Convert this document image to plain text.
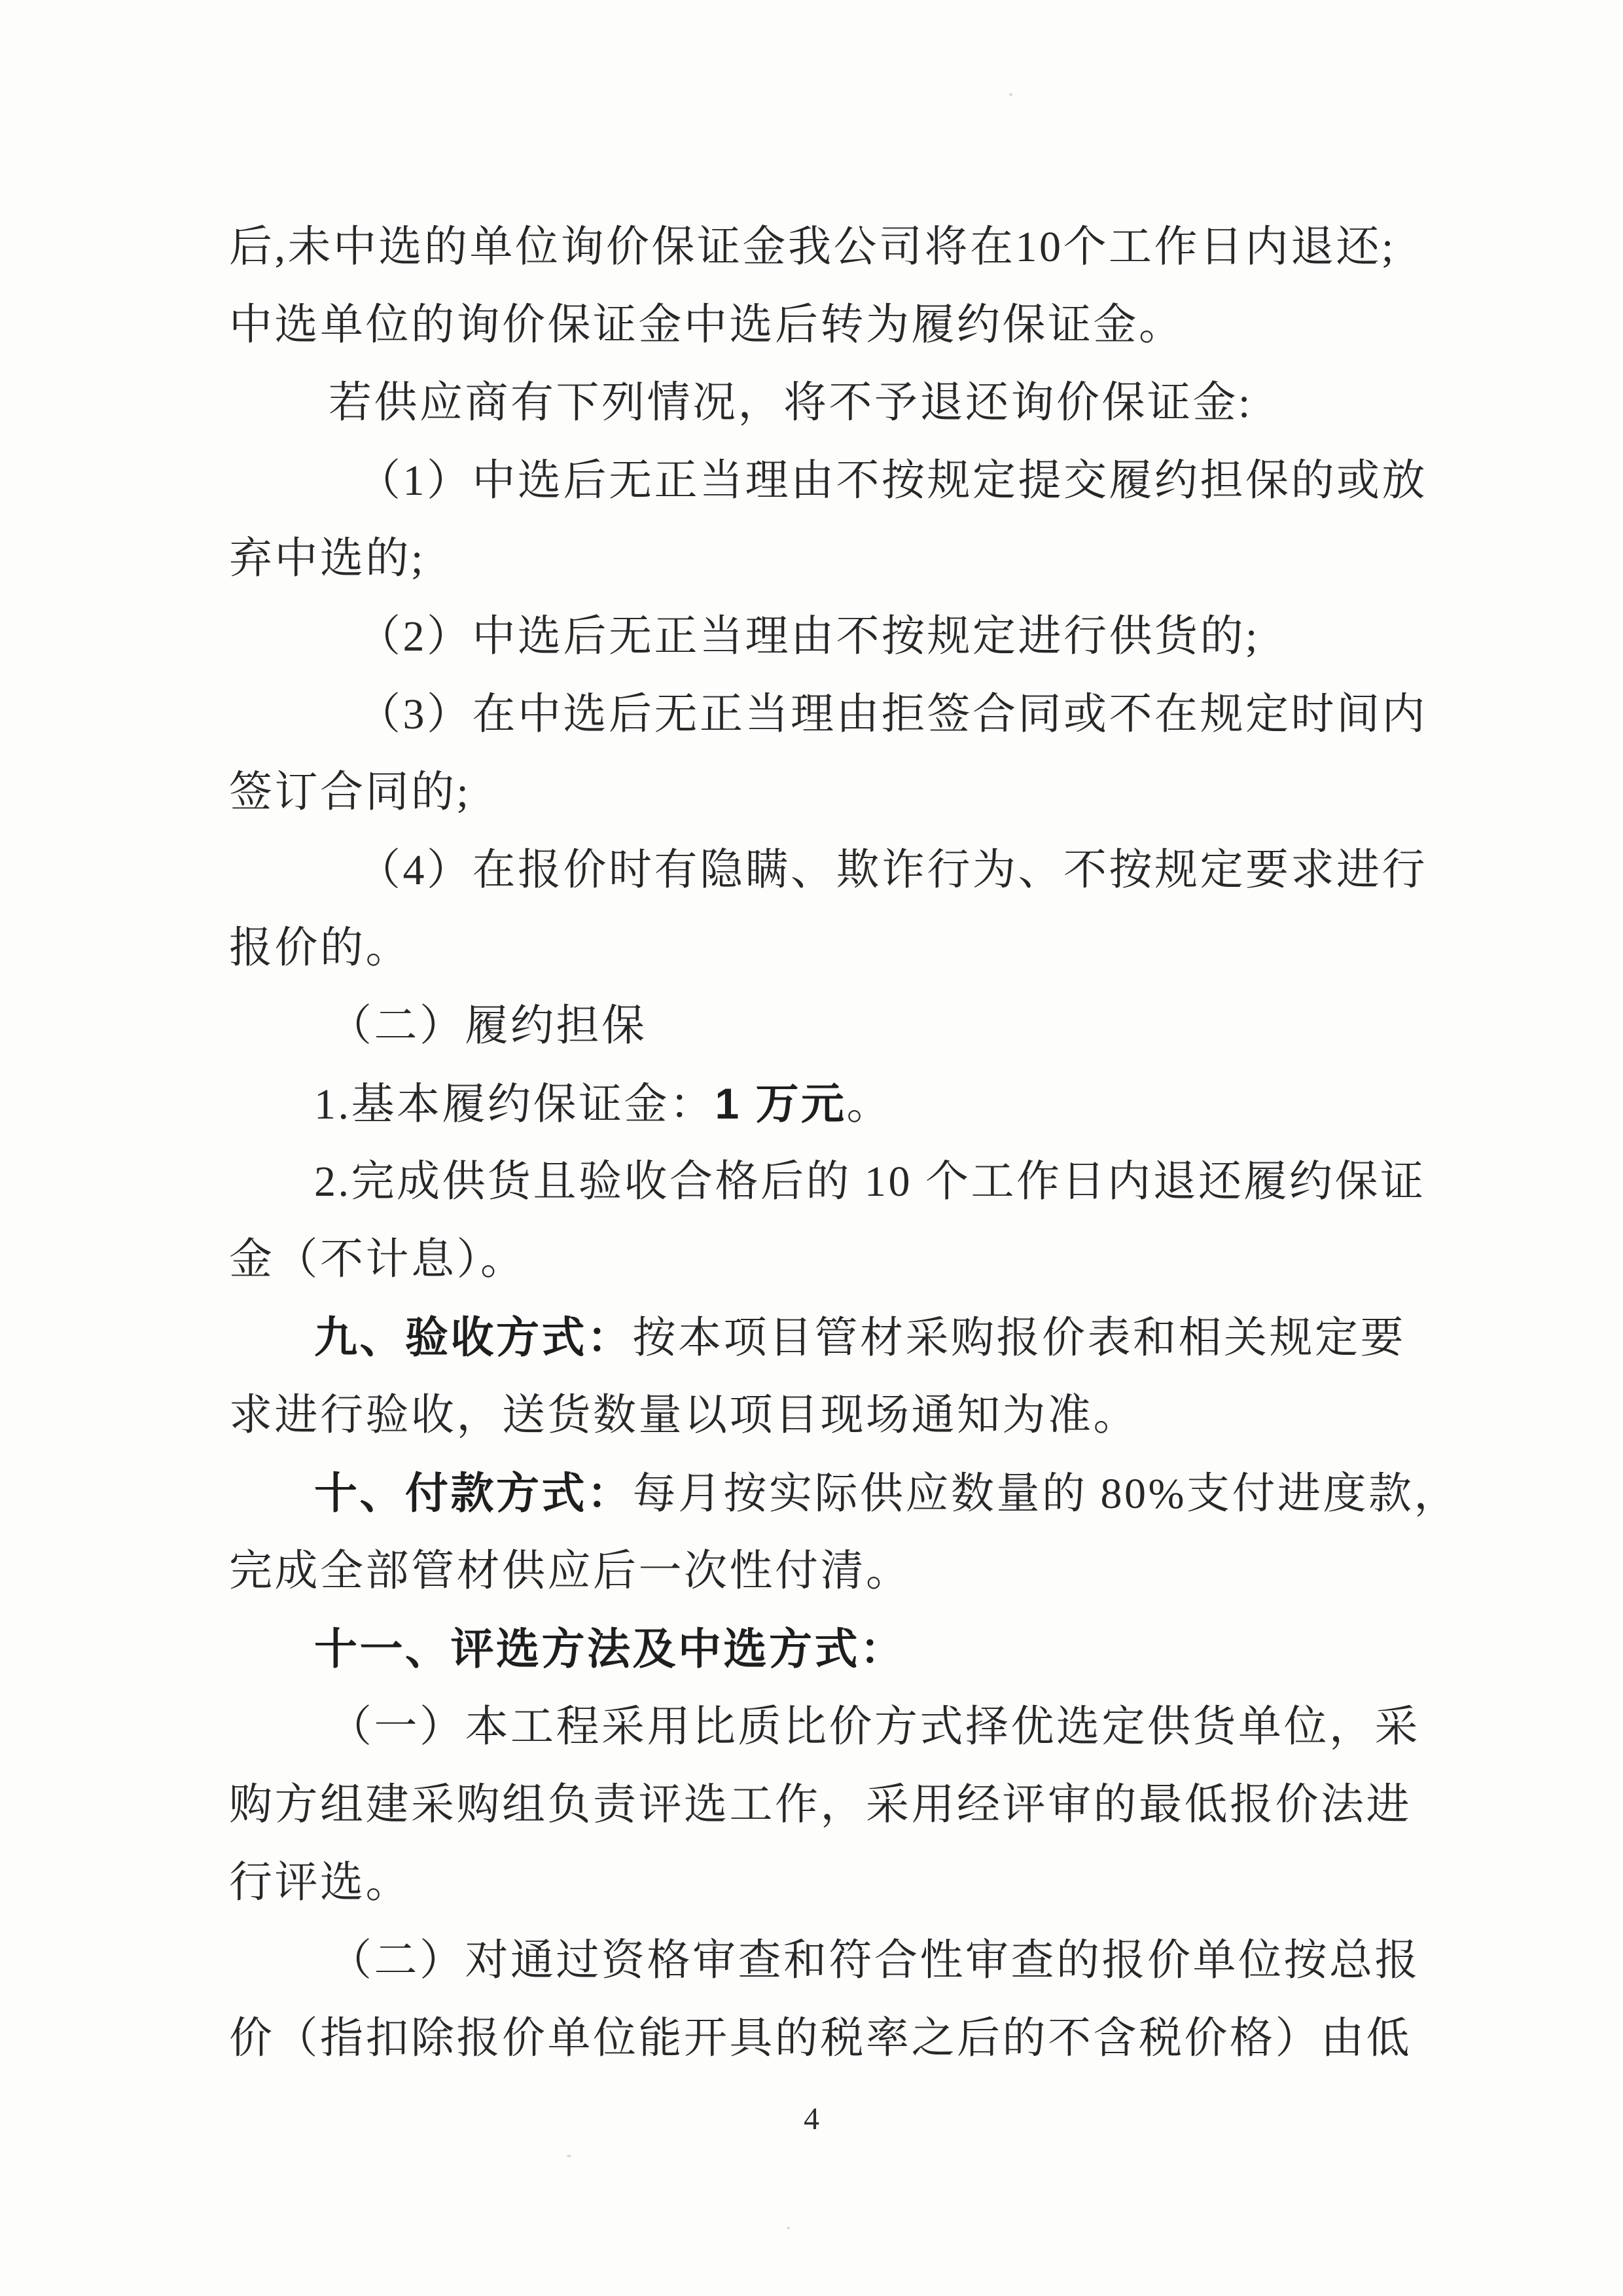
后,未中选的单位询价保证金我公司将在10个工作日内退还;
中选单位的询价保证金中选后转为履约保证金。
若供应商有下列情况，将不予退还询价保证金:
（1）中选后无正当理由不按规定提交履约担保的或放
弃中选的;
（2）中选后无正当理由不按规定进行供货的;
（3）在中选后无正当理由拒签合同或不在规定时间内
签订合同的;
（4）在报价时有隐瞒、欺诈行为、不按规定要求进行
报价的。
（二）履约担保
1.基本履约保证金：1 万元。
2.完成供货且验收合格后的 10 个工作日内退还履约保证
金（不计息）。
九、验收方式：按本项目管材采购报价表和相关规定要
求进行验收，送货数量以项目现场通知为准。
十、付款方式：每月按实际供应数量的 80%支付进度款，
完成全部管材供应后一次性付清。
十一、评选方法及中选方式：
（一）本工程采用比质比价方式择优选定供货单位，采
购方组建采购组负责评选工作，采用经评审的最低报价法进
行评选。
（二）对通过资格审查和符合性审查的报价单位按总报
价（指扣除报价单位能开具的税率之后的不含税价格）由低
4
